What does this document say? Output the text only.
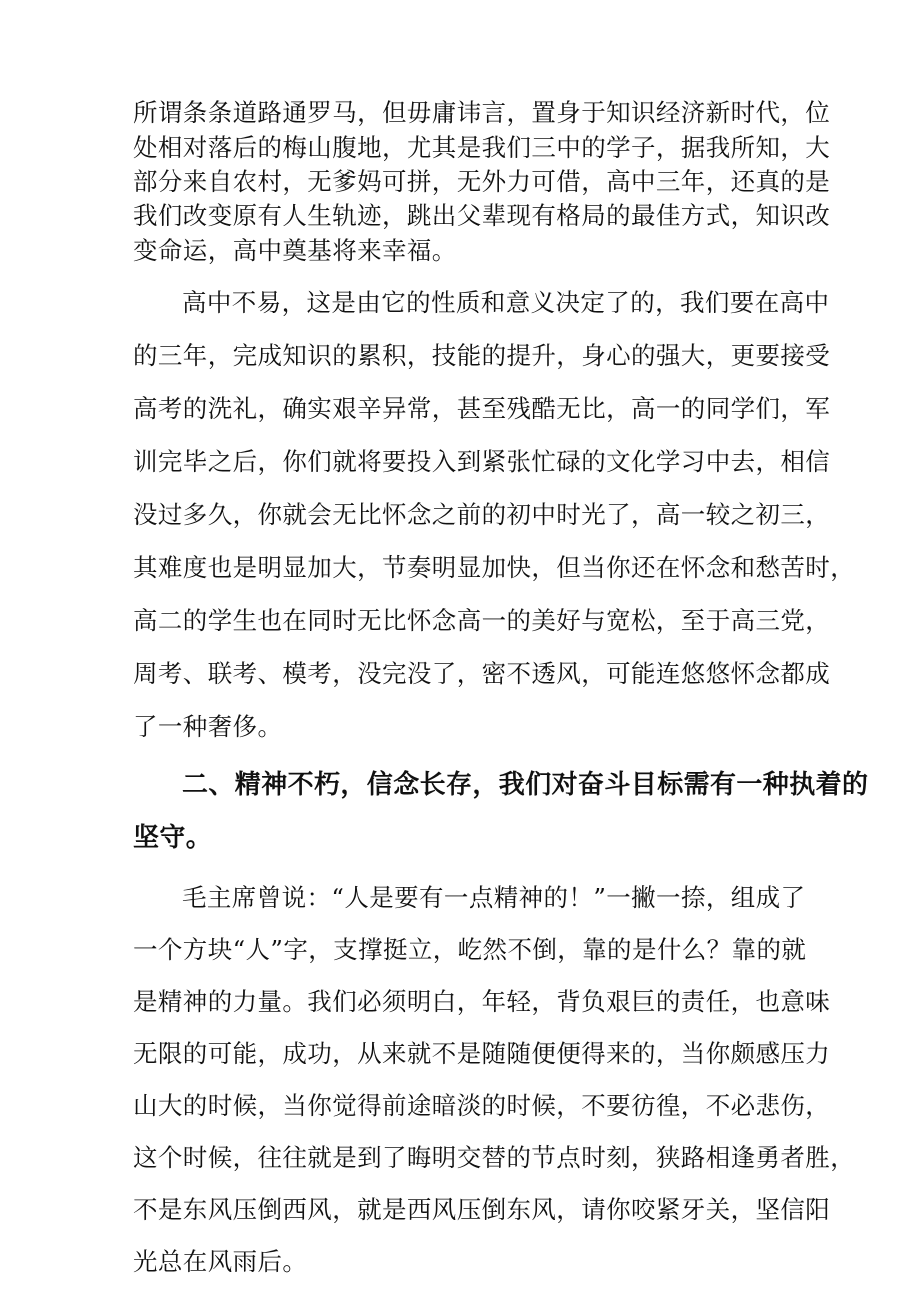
所谓条条道路通罗马，但毋庸讳言，置身于知识经济新时代，位

处相对落后的梅山腹地，尤其是我们三中的学子，据我所知，大

部分来自农村，无爹妈可拼，无外力可借，高中三年，还真的是

我们改变原有人生轨迹，跳出父辈现有格局的最佳方式，知识改

变命运，高中奠基将来幸福。

高中不易，这是由它的性质和意义决定了的，我们要在高中

的三年，完成知识的累积，技能的提升，身心的强大，更要接受

高考的洗礼，确实艰辛异常，甚至残酷无比，高一的同学们，军

训完毕之后，你们就将要投入到紧张忙碌的文化学习中去，相信

没过多久，你就会无比怀念之前的初中时光了，高一较之初三，

其难度也是明显加大，节奏明显加快，但当你还在怀念和愁苦时，

高二的学生也在同时无比怀念高一的美好与宽松，至于高三党，

周考、联考、模考，没完没了，密不透风，可能连悠悠怀念都成

了一种奢侈。

二、精神不朽，信念长存，我们对奋斗目标需有一种执着的

坚守。

毛主席曾说：“人是要有一点精神的！”一撇一捺，组成了

一个方块“人”字，支撑挺立，屹然不倒，靠的是什么？靠的就

是精神的力量。我们必须明白，年轻，背负艰巨的责任，也意味

无限的可能，成功，从来就不是随随便便得来的，当你颇感压力

山大的时候，当你觉得前途暗淡的时候，不要彷徨，不必悲伤，

这个时候，往往就是到了晦明交替的节点时刻，狭路相逢勇者胜，

不是东风压倒西风，就是西风压倒东风，请你咬紧牙关，坚信阳

光总在风雨后。
